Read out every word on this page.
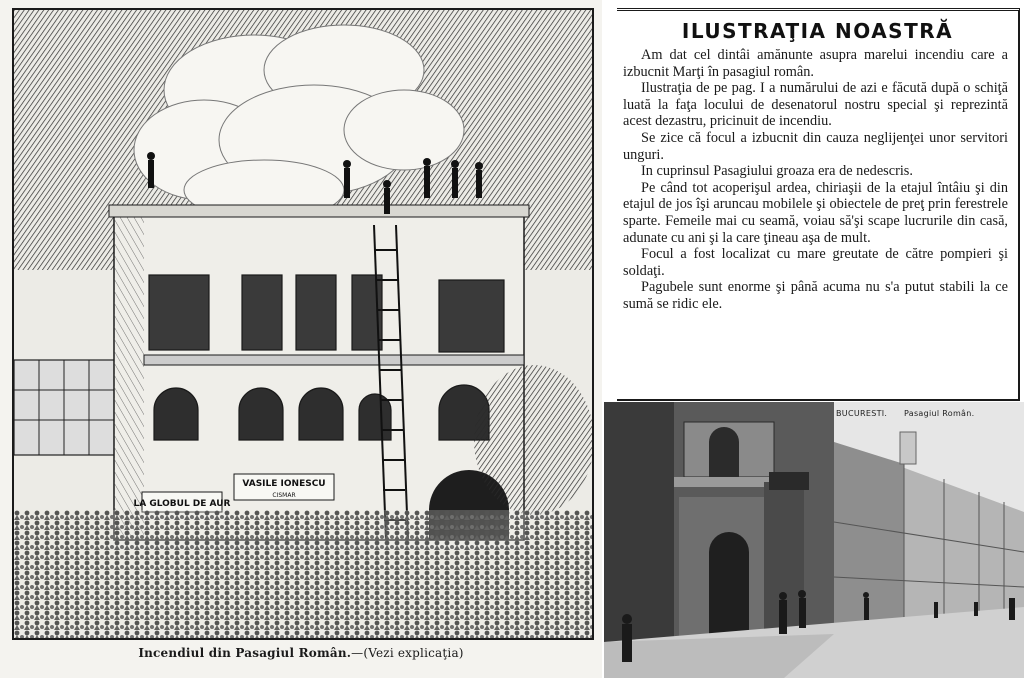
LA GLOBUL DE AUR
VASILE IONESCU
CISMAR
Incendiul din Pasagiul Român.—(Vezi explicaţia)
ILUSTRAŢIA NOASTRĂ

Am dat cel dintâi amănunte asupra marelui incendiu care a izbucnit Marţi în pasagiul român.

Ilustraţia de pe pag. I a numărului de azi e făcută după o schiţă luată la faţa locului de desenatorul nostru special şi reprezintă acest dezastru, pricinuit de incendiu.

Se zice că focul a izbucnit din cauza neglijenţei unor servitori unguri.

In cuprinsul Pasagiului groaza era de nedescris.

Pe când tot acoperişul ardea, chiriaşii de la etajul întâiu şi din etajul de jos îşi aruncau mobilele şi obiectele de preţ prin ferestrele sparte. Femeile mai cu seamă, voiau să'şi scape lucrurile din casă, adunate cu ani şi la care ţineau aşa de mult.

Focul a fost localizat cu mare greutate de către pompieri şi soldaţi.

Pagubele sunt enorme şi până acuma nu s'a putut stabili la ce sumă se ridic ele.

BUCURESTI. Pasagiul Român.
